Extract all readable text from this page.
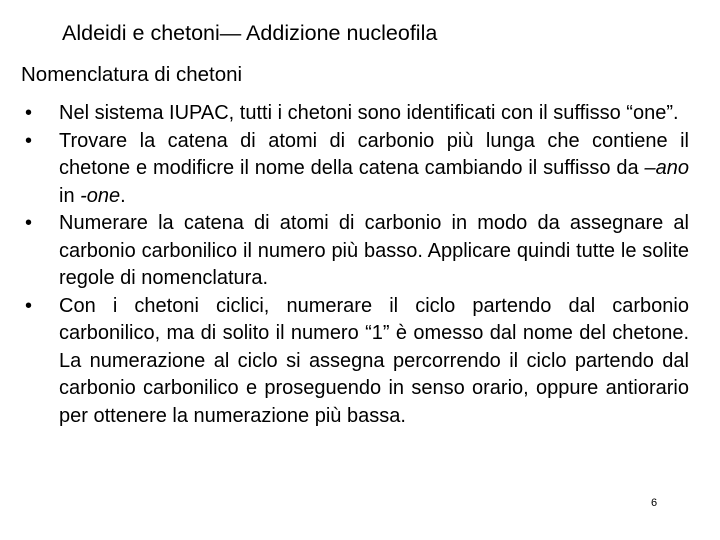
Aldeidi e chetoni— Addizione nucleofila
Nomenclatura di chetoni
• Nel sistema IUPAC, tutti i chetoni sono identificati con il suffisso “one”.
• Trovare la catena di atomi di carbonio più lunga che contiene il chetone e modificre il nome della catena cambiando il suffisso da –ano in -one.
• Numerare la catena di atomi di carbonio in modo da assegnare al carbonio carbonilico il numero più basso. Applicare quindi tutte le solite regole di nomenclatura.
• Con i chetoni ciclici, numerare il ciclo partendo dal carbonio carbonilico, ma di solito il numero “1” è omesso dal nome del chetone. La numerazione al ciclo si assegna percorrendo il ciclo partendo dal carbonio carbonilico e proseguendo in senso orario, oppure antiorario per ottenere la numerazione più bassa.
6
